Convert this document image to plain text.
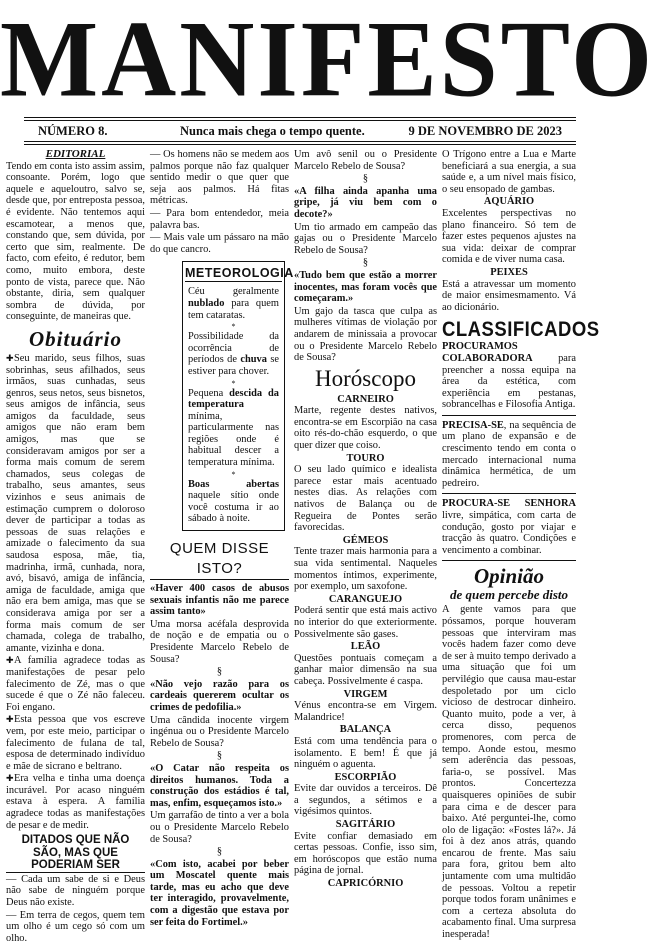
MANIFESTO
NÚMERO 8.	Nunca mais chega o tempo quente.	9 DE NOVEMBRO DE 2023
EDITORIAL

Tendo em conta isto assim assim, consoante. Porém, logo que aquele e aqueloutro, salvo se, desde que, por entreposta pessoa, é evidente. Não tentemos aqui escamotear, a menos que, constando que, sem dúvida, por certo que sim, realmente. De facto, com efeito, é redutor, bem como, muito embora, deste ponto de vista, parece que. Não obstante, diria, sem qualquer sombra de dúvida, por conseguinte, de maneiras que.

Obituário

✚Seu marido, seus filhos, suas sobrinhas, seus afilhados, seus irmãos, suas cunhadas, seus genros, seus netos, seus bisnetos, seus amigos de infância, seus amigos da faculdade, seus amigos que não eram bem amigos, mas que se consideravam amigos por ser a forma mais comum de serem chamados, seus colegas de trabalho, seus amantes, seus vizinhos e seus animais de estimação cumprem o doloroso dever de participar a todas as pessoas de suas relações e amizade o falecimento da sua saudosa esposa, mãe, tia, madrinha, irmã, cunhada, nora, avó, bisavó, amiga de infância, amiga de faculdade, amiga que não era bem amiga, mas que se considerava amiga por ser a forma mais comum de ser chamada, colega de trabalho, amante, vizinha e dona.

✚A família agradece todas as manifestações de pesar pelo falecimento de Zé, mas o que sucede é que o Zé não faleceu. Foi engano.

✚Esta pessoa que vos escreve vem, por este meio, participar o falecimento de fulana de tal, esposa de determinado indivíduo e mãe de sicrano e beltrano.

✚Era velha e tinha uma doença incurável. Por acaso ninguém estava à espera. A família agradece todas as manifestações de pesar e de medir.

DITADOS QUE NÃO SÃO, MAS QUE PODERIAM SER

— Cada um sabe de si e Deus não sabe de ninguém porque Deus não existe.

— Em terra de cegos, quem tem um olho é um cego só com um olho.

— Os homens não se medem aos palmos porque não faz qualquer sentido medir o que quer que seja aos palmos. Há fitas métricas.

— Para bom entendedor, meia palavra bas.

— Mais vale um pássaro na mão do que cancro.

METEOROLOGIA

Céu geralmente nublado para quem tem cataratas.

*

Possibilidade da ocorrência de períodos de chuva se estiver para chover.

*

Pequena descida da temperatura mínima, particularmente nas regiões onde é habitual descer a temperatura mínima.

*

Boas abertas naquele sítio onde você costuma ir ao sábado à noite.

QUEM DISSE ISTO?

«Haver 400 casos de abusos sexuais infantis não me parece assim tanto»

Uma morsa acéfala desprovida de noção e de empatia ou o Presidente Marcelo Rebelo de Sousa?

§

«Não vejo razão para os cardeais quererem ocultar os crimes de pedofilia.»

Uma cândida inocente virgem ingénua ou o Presidente Marcelo Rebelo de Sousa?

§

«O Catar não respeita os direitos humanos. Toda a construção dos estádios é tal, mas, enfim, esqueçamos isto.»

Um garrafão de tinto a ver a bola ou o Presidente Marcelo Rebelo de Sousa?

§

«Com isto, acabei por beber um Moscatel quente mais tarde, mas eu acho que deve ter interagido, provavelmente, com a digestão que estava por ser feita do Fortimel.»

Um avô senil ou o Presidente Marcelo Rebelo de Sousa?

§

«A filha ainda apanha uma gripe, já viu bem com o decote?»

Um tio armado em campeão das gajas ou o Presidente Marcelo Rebelo de Sousa?

§

«Tudo bem que estão a morrer inocentes, mas foram vocês que começaram.»

Um gajo da tasca que culpa as mulheres vítimas de violação por andarem de minissaia a provocar ou o Presidente Marcelo Rebelo de Sousa?

Horóscopo
CARNEIRO

Marte, regente destes nativos, encontra-se em Escorpião na casa oito rés-do-chão esquerdo, o que quer dizer que coiso.

TOURO

O seu lado químico e idealista parece estar mais acentuado nestes dias. As relações com nativos de Balança ou de Regueira de Pontes serão favorecidas.

GÉMEOS

Tente trazer mais harmonia para a sua vida sentimental. Naqueles momentos íntimos, experimente, por exemplo, um saxofone.

CARANGUEJO

Poderá sentir que está mais activo no interior do que exteriormente. Possivelmente são gases.

LEÃO

Questões pontuais começam a ganhar maior dimensão na sua cabeça. Possivelmente é caspa.

VIRGEM

Vénus encontra-se em Virgem. Malandrice!

BALANÇA

Está com uma tendência para o isolamento. E bem! É que já ninguém o aguenta.

ESCORPIÃO

Evite dar ouvidos a terceiros. Dê a segundos, a sétimos e a vigésimos quintos.

SAGITÁRIO

Evite confiar demasiado em certas pessoas. Confie, isso sim, em horóscopos que estão numa página de jornal.

CAPRICÓRNIO

O Trígono entre a Lua e Marte beneficiará a sua energia, a sua saúde e, a um nível mais físico, o seu ensopado de gambas.

AQUÁRIO

Excelentes perspectivas no plano financeiro. Só tem de fazer estes pequenos ajustes na sua vida: deixar de comprar comida e de viver numa casa.

PEIXES

Está a atravessar um momento de maior ensimesmamento. Vá ao dicionário.

CLASSIFICADOS

PROCURAMOS COLABORADORA para preencher a nossa equipa na área da estética, com experiência em pestanas, sobrancelhas e Filosofia Antiga.

PRECISA-SE, na sequência de um plano de expansão e de crescimento tendo em conta o mercado internacional numa dinâmica hermética, de um pedreiro.

PROCURA-SE SENHORA livre, simpática, com carta de condução, gosto por viajar e tracção às quatro. Condições e vencimento a combinar.

Opinião
de quem percebe disto

A gente vamos para que póssamos, porque houveram pessoas que interviram mas vocês hadem fazer como deve de ser à muito tempo derivado a uma situação que foi um pervilégio que causa mau-estar despoletado por um ciclo vicioso de destrocar dinheiro. Quanto muito, pode a ver, à cerca disso, pequenos promenores, com perca de tempo. Aonde estou, mesmo sem aderência das pessoas, faria-o, se possível. Mas prontos. Concertezza quaisqueres opiniões de subir para cima e de descer para baixo. Até perguntei-lhe, como olo de ligação: «Fostes lá?». Já foi à dez anos atrás, quando encarou de frente. Mas saiu para fora, gritou bem alto juntamente com uma multidão de pessoas. Voltou a repetir porque todos foram unânimes e com a certeza absoluta do acabamento final. Uma surpresa inesperada!
